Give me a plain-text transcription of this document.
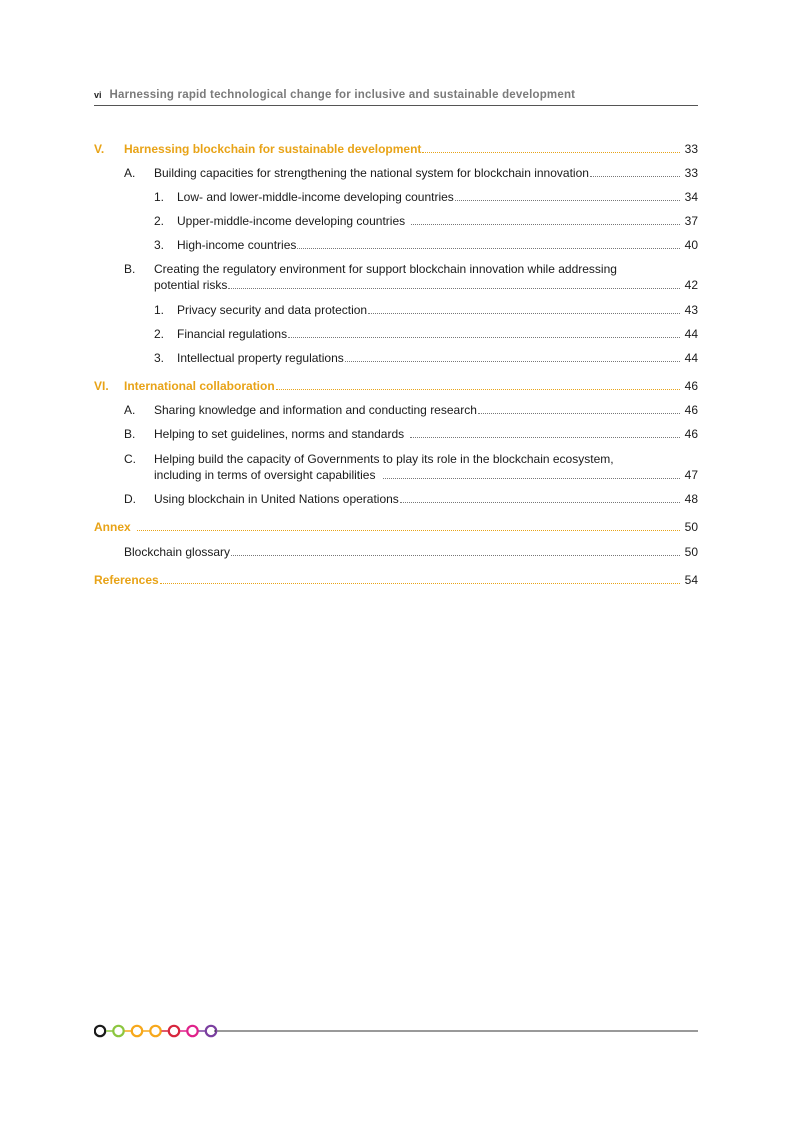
vi Harnessing rapid technological change for inclusive and sustainable development
V. Harnessing blockchain for sustainable development	33
A. Building capacities for strengthening the national system for blockchain innovation	33
1. Low- and lower-middle-income developing countries	34
2. Upper-middle-income developing countries	37
3. High-income countries	40
B. Creating the regulatory environment for support blockchain innovation while addressing
potential risks	42
1. Privacy security and data protection	43
2. Financial regulations	44
3. Intellectual property regulations	44
VI. International collaboration	46
A. Sharing knowledge and information and conducting research	46
B. Helping to set guidelines, norms and standards	46
C. Helping build the capacity of Governments to play its role in the blockchain ecosystem,
including in terms of oversight capabilities	47
D. Using blockchain in United Nations operations	48
Annex	50
Blockchain glossary	50
References	54
